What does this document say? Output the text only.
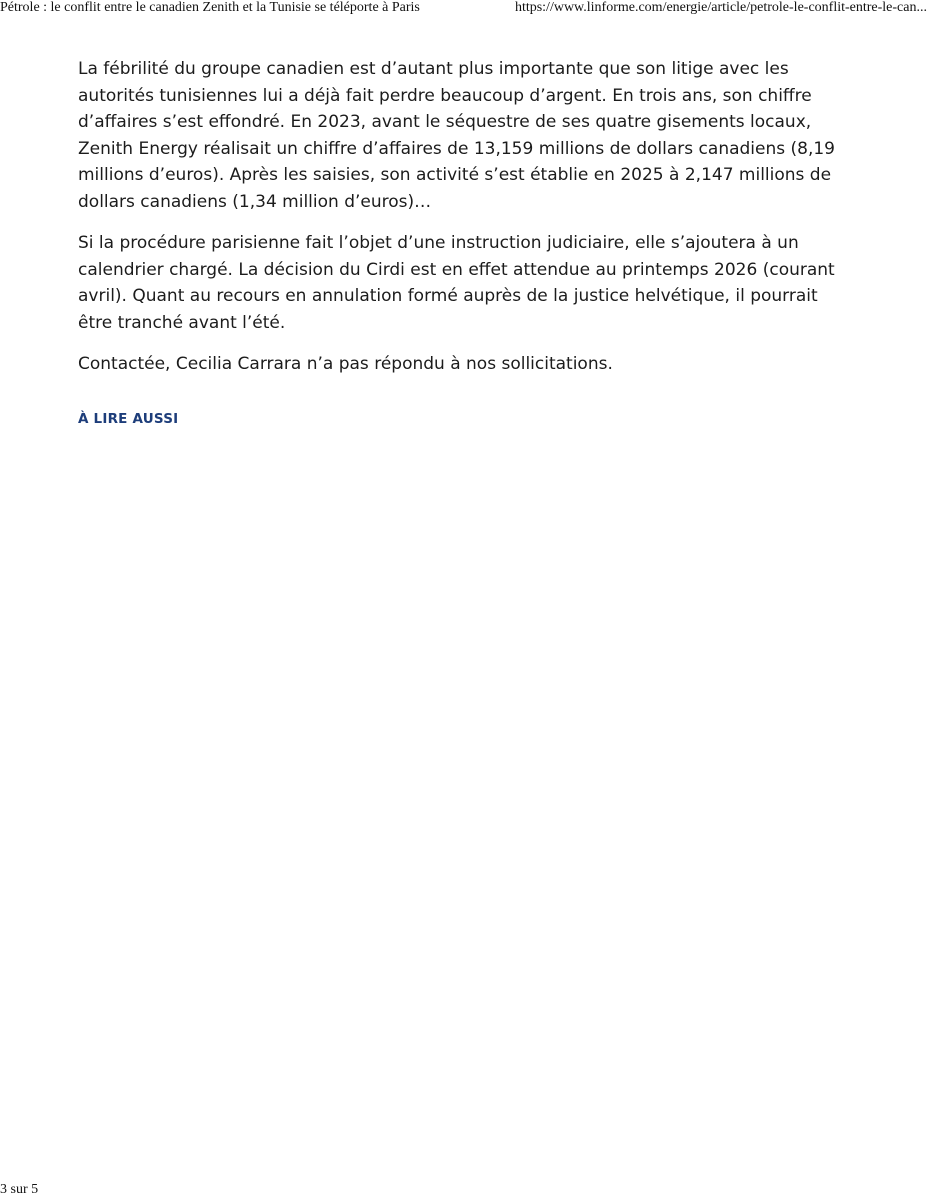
Pétrole : le conflit entre le canadien Zenith et la Tunisie se téléporte à Paris	https://www.linforme.com/energie/article/petrole-le-conflit-entre-le-can...

La fébrilité du groupe canadien est d’autant plus importante que son litige avec les autorités tunisiennes lui a déjà fait perdre beaucoup d’argent. En trois ans, son chiffre d’affaires s’est effondré. En 2023, avant le séquestre de ses quatre gisements locaux, Zenith Energy réalisait un chiffre d’affaires de 13,159 millions de dollars canadiens (8,19 millions d’euros). Après les saisies, son activité s’est établie en 2025 à 2,147 millions de dollars canadiens (1,34 million d’euros)…

Si la procédure parisienne fait l’objet d’une instruction judiciaire, elle s’ajoutera à un calendrier chargé. La décision du Cirdi est en effet attendue au printemps 2026 (courant avril). Quant au recours en annulation formé auprès de la justice helvétique, il pourrait être tranché avant l’été.

Contactée, Cecilia Carrara n’a pas répondu à nos sollicitations.

À LIRE AUSSI
3 sur 5
